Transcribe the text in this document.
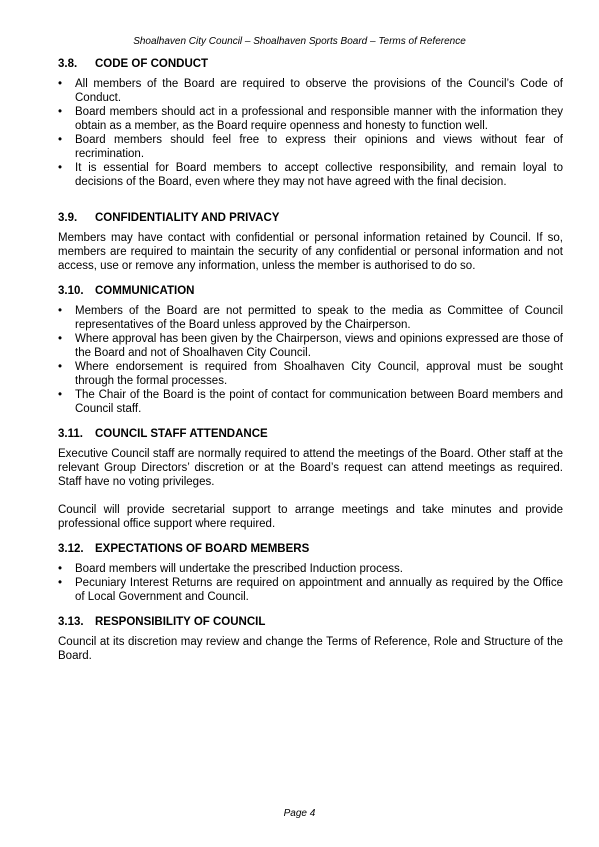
Shoalhaven City Council – Shoalhaven Sports Board – Terms of Reference
3.8.	CODE OF CONDUCT
• All members of the Board are required to observe the provisions of the Council’s Code of Conduct.
• Board members should act in a professional and responsible manner with the information they obtain as a member, as the Board require openness and honesty to function well.
• Board members should feel free to express their opinions and views without fear of recrimination.
• It is essential for Board members to accept collective responsibility, and remain loyal to decisions of the Board, even where they may not have agreed with the final decision.
3.9.	CONFIDENTIALITY AND PRIVACY

Members may have contact with confidential or personal information retained by Council. If so, members are required to maintain the security of any confidential or personal information and not access, use or remove any information, unless the member is authorised to do so.

3.10. COMMUNICATION
• Members of the Board are not permitted to speak to the media as Committee of Council representatives of the Board unless approved by the Chairperson.
• Where approval has been given by the Chairperson, views and opinions expressed are those of the Board and not of Shoalhaven City Council.
• Where endorsement is required from Shoalhaven City Council, approval must be sought through the formal processes.
• The Chair of the Board is the point of contact for communication between Board members and Council staff.
3.11.	COUNCIL STAFF ATTENDANCE

Executive Council staff are normally required to attend the meetings of the Board. Other staff at the relevant Group Directors’ discretion or at the Board’s request can attend meetings as required. Staff have no voting privileges.

Council will provide secretarial support to arrange meetings and take minutes and provide professional office support where required.

3.12. EXPECTATIONS OF BOARD MEMBERS
• Board members will undertake the prescribed Induction process.
• Pecuniary Interest Returns are required on appointment and annually as required by the Office of Local Government and Council.
3.13. RESPONSIBILITY OF COUNCIL

Council at its discretion may review and change the Terms of Reference, Role and Structure of the Board.

Page 4
